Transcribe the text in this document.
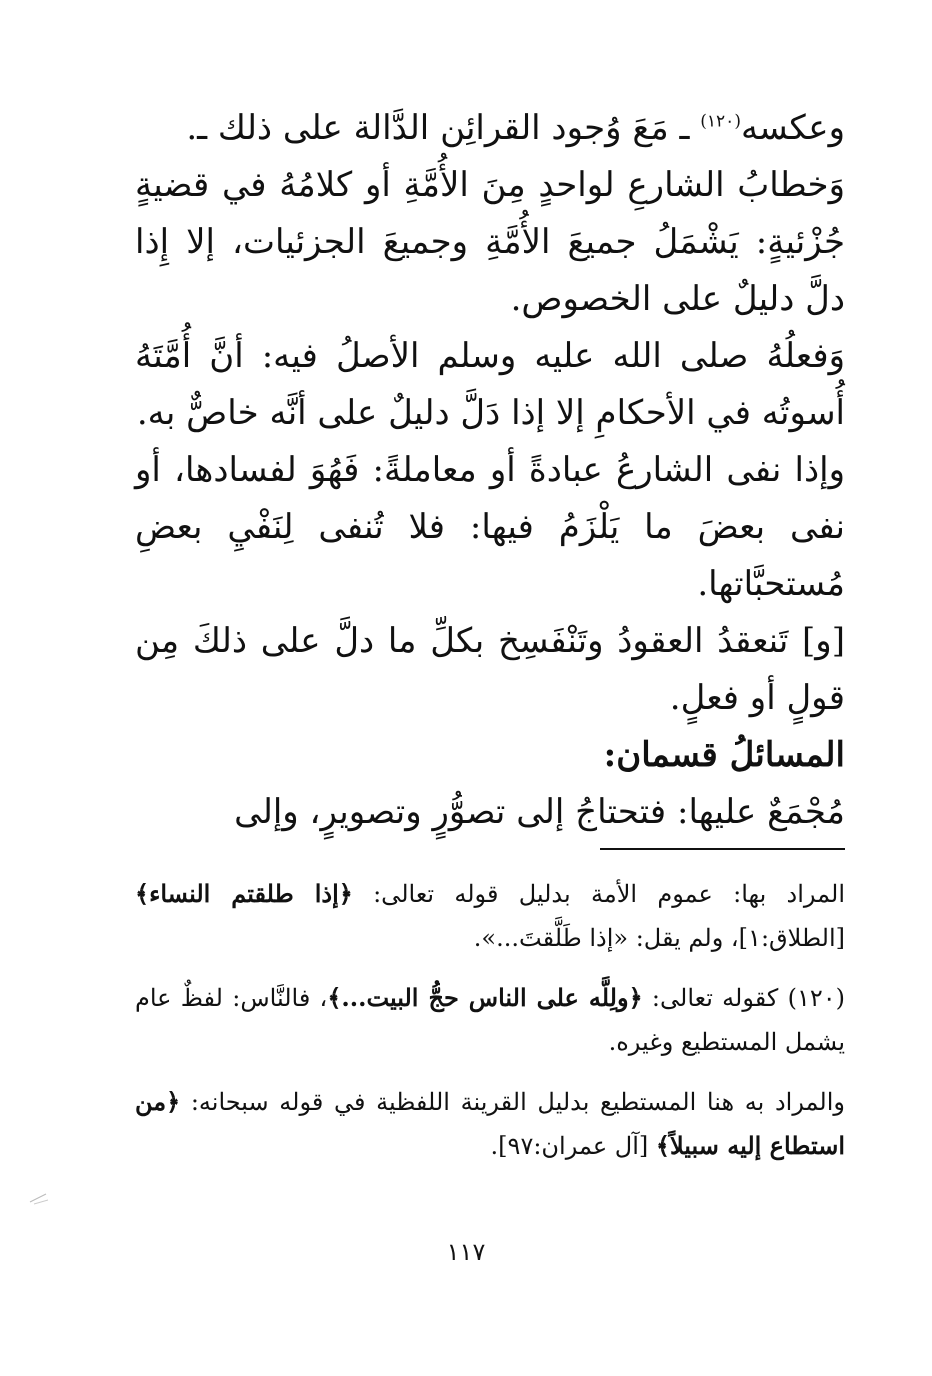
وعكسه$^{(١٢٠)}$ ـ مَعَ وُجود القرائِن الدَّالة على ذلك ـ.

وَخطابُ الشارعِ لواحدٍ مِنَ الأُمَّةِ أو كلامُهُ في قضيةٍ جُزْئيةٍ: يَشْمَلُ جميعَ الأُمَّةِ وجميعَ الجزئيات، إلا إِذا دلَّ دليلٌ على الخصوص.

وَفعلُهُ صلى الله عليه وسلم الأصلُ فيه: أنَّ أُمَّتَهُ أُسوتُه في الأحكامِ إلا إذا دَلَّ دليلٌ على أنَّه خاصٌّ به.

وإذا نفى الشارعُ عبادةً أو معاملةً: فَهُوَ لفسادها، أو نفى بعضَ ما يَلْزَمُ فيها: فلا تُنفى لِنَفْيِ بعضِ مُستحبَّاتها.

[و] تَنعقدُ العقودُ وتَنْفَسِخ بكلِّ ما دلَّ على ذلكَ مِن قولٍ أو فعلٍ.

المسائلُ قسمان:

مُجْمَعٌ عليها: فتحتاجُ إلى تصوُّرٍ وتصويرٍ، وإلى

المراد بها: عموم الأمة بدليل قوله تعالى: ﴿إذا طلقتم النساء﴾ [الطلاق:١]، ولم يقل: «إذا طَلَّقتَ...».

(١٢٠) كقوله تعالى: ﴿ولِلَّه على الناس حجُّ البيت...﴾، فالنَّاس: لفظٌ عام يشمل المستطيع وغيره.

والمراد به هنا المستطيع بدليل القرينة اللفظية في قوله سبحانه: ﴿من استطاع إليه سبيلاً﴾ [آل عمران:٩٧].

١١٧
